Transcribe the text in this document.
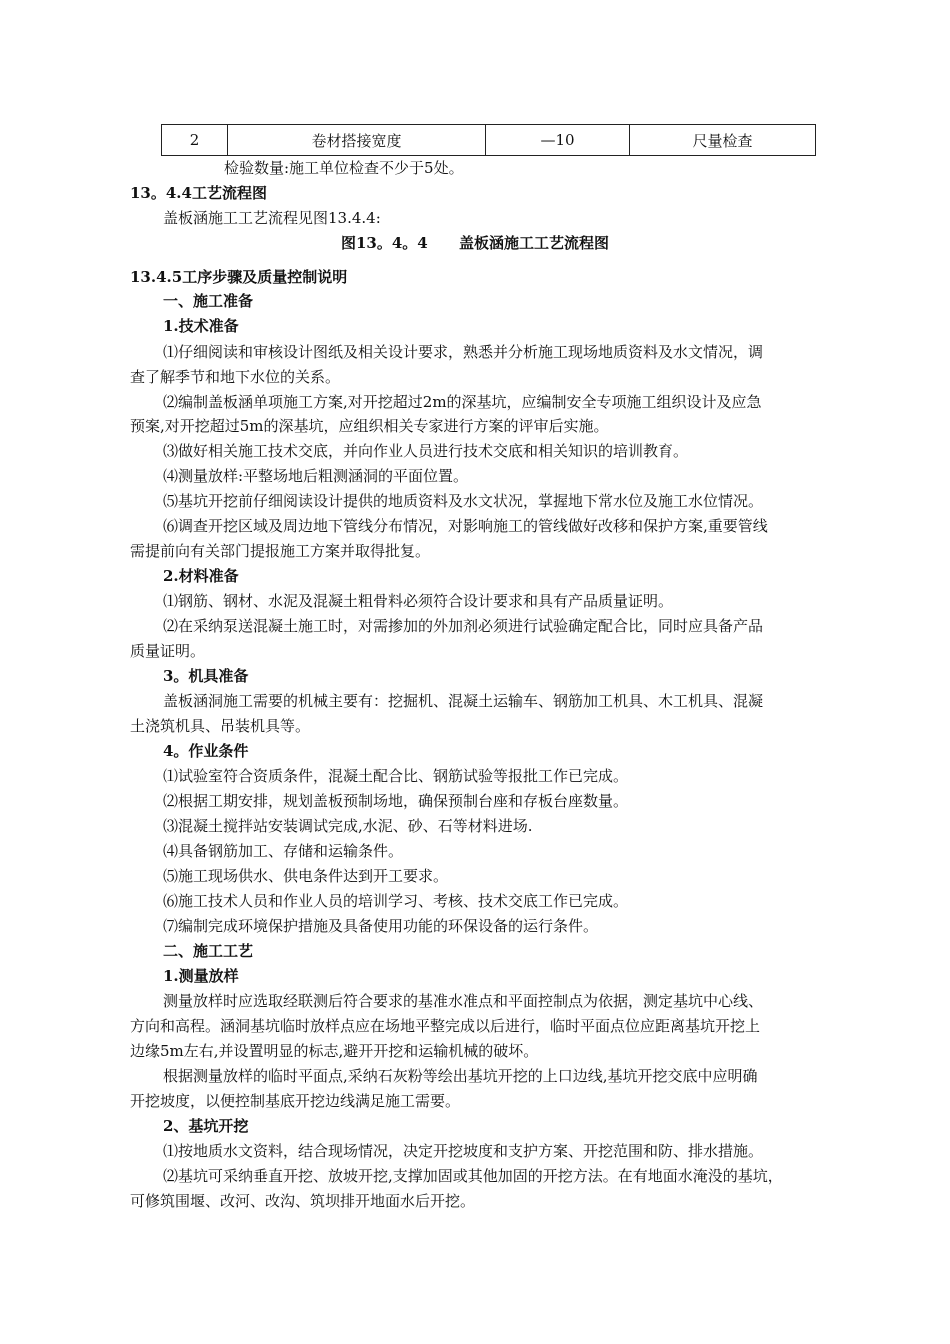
2	卷材搭接宽度	—10	尺量检查
检验数量:施工单位检查不少于5处。
13。4.4工艺流程图
盖板涵施工工艺流程见图13.4.4:
图13。4。4      盖板涵施工工艺流程图
13.4.5工序步骤及质量控制说明
一、施工准备
1.技术准备
⑴仔细阅读和审核设计图纸及相关设计要求，熟悉并分析施工现场地质资料及水文情况，调
查了解季节和地下水位的关系。
⑵编制盖板涵单项施工方案,对开挖超过2m的深基坑，应编制安全专项施工组织设计及应急
预案,对开挖超过5m的深基坑，应组织相关专家进行方案的评审后实施。
⑶做好相关施工技术交底，并向作业人员进行技术交底和相关知识的培训教育。
⑷测量放样:平整场地后粗测涵洞的平面位置。
⑸基坑开挖前仔细阅读设计提供的地质资料及水文状况，掌握地下常水位及施工水位情况。
⑹调查开挖区域及周边地下管线分布情况，对影响施工的管线做好改移和保护方案,重要管线
需提前向有关部门提报施工方案并取得批复。
2.材料准备
⑴钢筋、钢材、水泥及混凝土粗骨料必须符合设计要求和具有产品质量证明。
⑵在采纳泵送混凝土施工时，对需掺加的外加剂必须进行试验确定配合比，同时应具备产品
质量证明。
3。机具准备
盖板涵洞施工需要的机械主要有：挖掘机、混凝土运输车、钢筋加工机具、木工机具、混凝
土浇筑机具、吊装机具等。
4。作业条件
⑴试验室符合资质条件，混凝土配合比、钢筋试验等报批工作已完成。
⑵根据工期安排，规划盖板预制场地，确保预制台座和存板台座数量。
⑶混凝土搅拌站安装调试完成,水泥、砂、石等材料进场.
⑷具备钢筋加工、存储和运输条件。
⑸施工现场供水、供电条件达到开工要求。
⑹施工技术人员和作业人员的培训学习、考核、技术交底工作已完成。
⑺编制完成环境保护措施及具备使用功能的环保设备的运行条件。
二、施工工艺
1.测量放样
测量放样时应选取经联测后符合要求的基准水准点和平面控制点为依据，测定基坑中心线、
方向和高程。涵洞基坑临时放样点应在场地平整完成以后进行，临时平面点位应距离基坑开挖上
边缘5m左右,并设置明显的标志,避开开挖和运输机械的破坏。
根据测量放样的临时平面点,采纳石灰粉等绘出基坑开挖的上口边线,基坑开挖交底中应明确
开挖坡度，以便控制基底开挖边线满足施工需要。
2、基坑开挖
⑴按地质水文资料，结合现场情况，决定开挖坡度和支护方案、开挖范围和防、排水措施。
⑵基坑可采纳垂直开挖、放坡开挖,支撑加固或其他加固的开挖方法。在有地面水淹没的基坑，
可修筑围堰、改河、改沟、筑坝排开地面水后开挖。
